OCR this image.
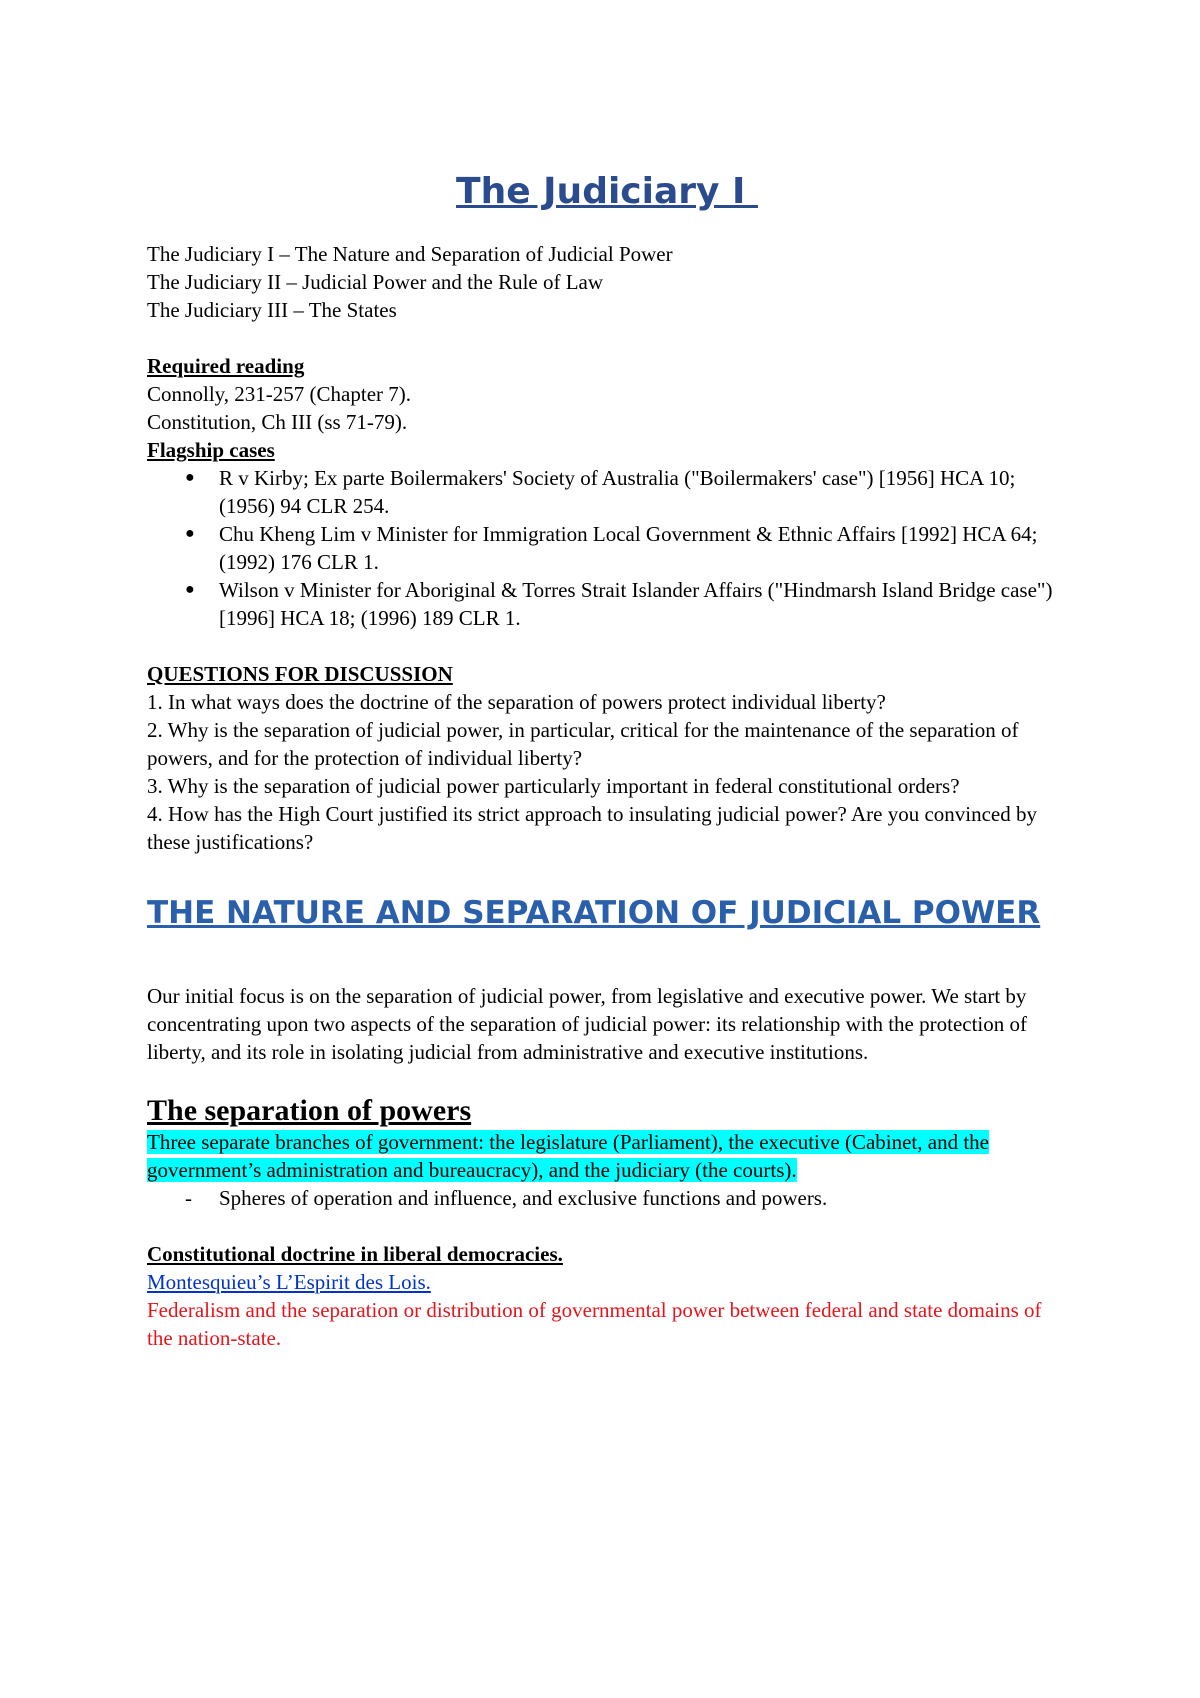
The Judiciary I

The Judiciary I – The Nature and Separation of Judicial Power

The Judiciary II – Judicial Power and the Rule of Law

The Judiciary III – The States

Required reading

Connolly, 231-257 (Chapter 7).

Constitution, Ch III (ss 71-79).

Flagship cases

● R v Kirby; Ex parte Boilermakers' Society of Australia ("Boilermakers' case") [1956] HCA 10; (1956) 94 CLR 254.
● Chu Kheng Lim v Minister for Immigration Local Government & Ethnic Affairs [1992] HCA 64; (1992) 176 CLR 1.
● Wilson v Minister for Aboriginal & Torres Strait Islander Affairs ("Hindmarsh Island Bridge case") [1996] HCA 18; (1996) 189 CLR 1.

QUESTIONS FOR DISCUSSION

1. In what ways does the doctrine of the separation of powers protect individual liberty?

2. Why is the separation of judicial power, in particular, critical for the maintenance of the separation of powers, and for the protection of individual liberty?

3. Why is the separation of judicial power particularly important in federal constitutional orders?

4. How has the High Court justified its strict approach to insulating judicial power? Are you convinced by these justifications?

THE NATURE AND SEPARATION OF JUDICIAL POWER

Our initial focus is on the separation of judicial power, from legislative and executive power. We start by concentrating upon two aspects of the separation of judicial power: its relationship with the protection of liberty, and its role in isolating judicial from administrative and executive institutions.

The separation of powers

Three separate branches of government: the legislature (Parliament), the executive (Cabinet, and the government’s administration and bureaucracy), and the judiciary (the courts).

- Spheres of operation and influence, and exclusive functions and powers.

Constitutional doctrine in liberal democracies.

Montesquieu’s L’Espirit des Lois.

Federalism and the separation or distribution of governmental power between federal and state domains of the nation-state.
